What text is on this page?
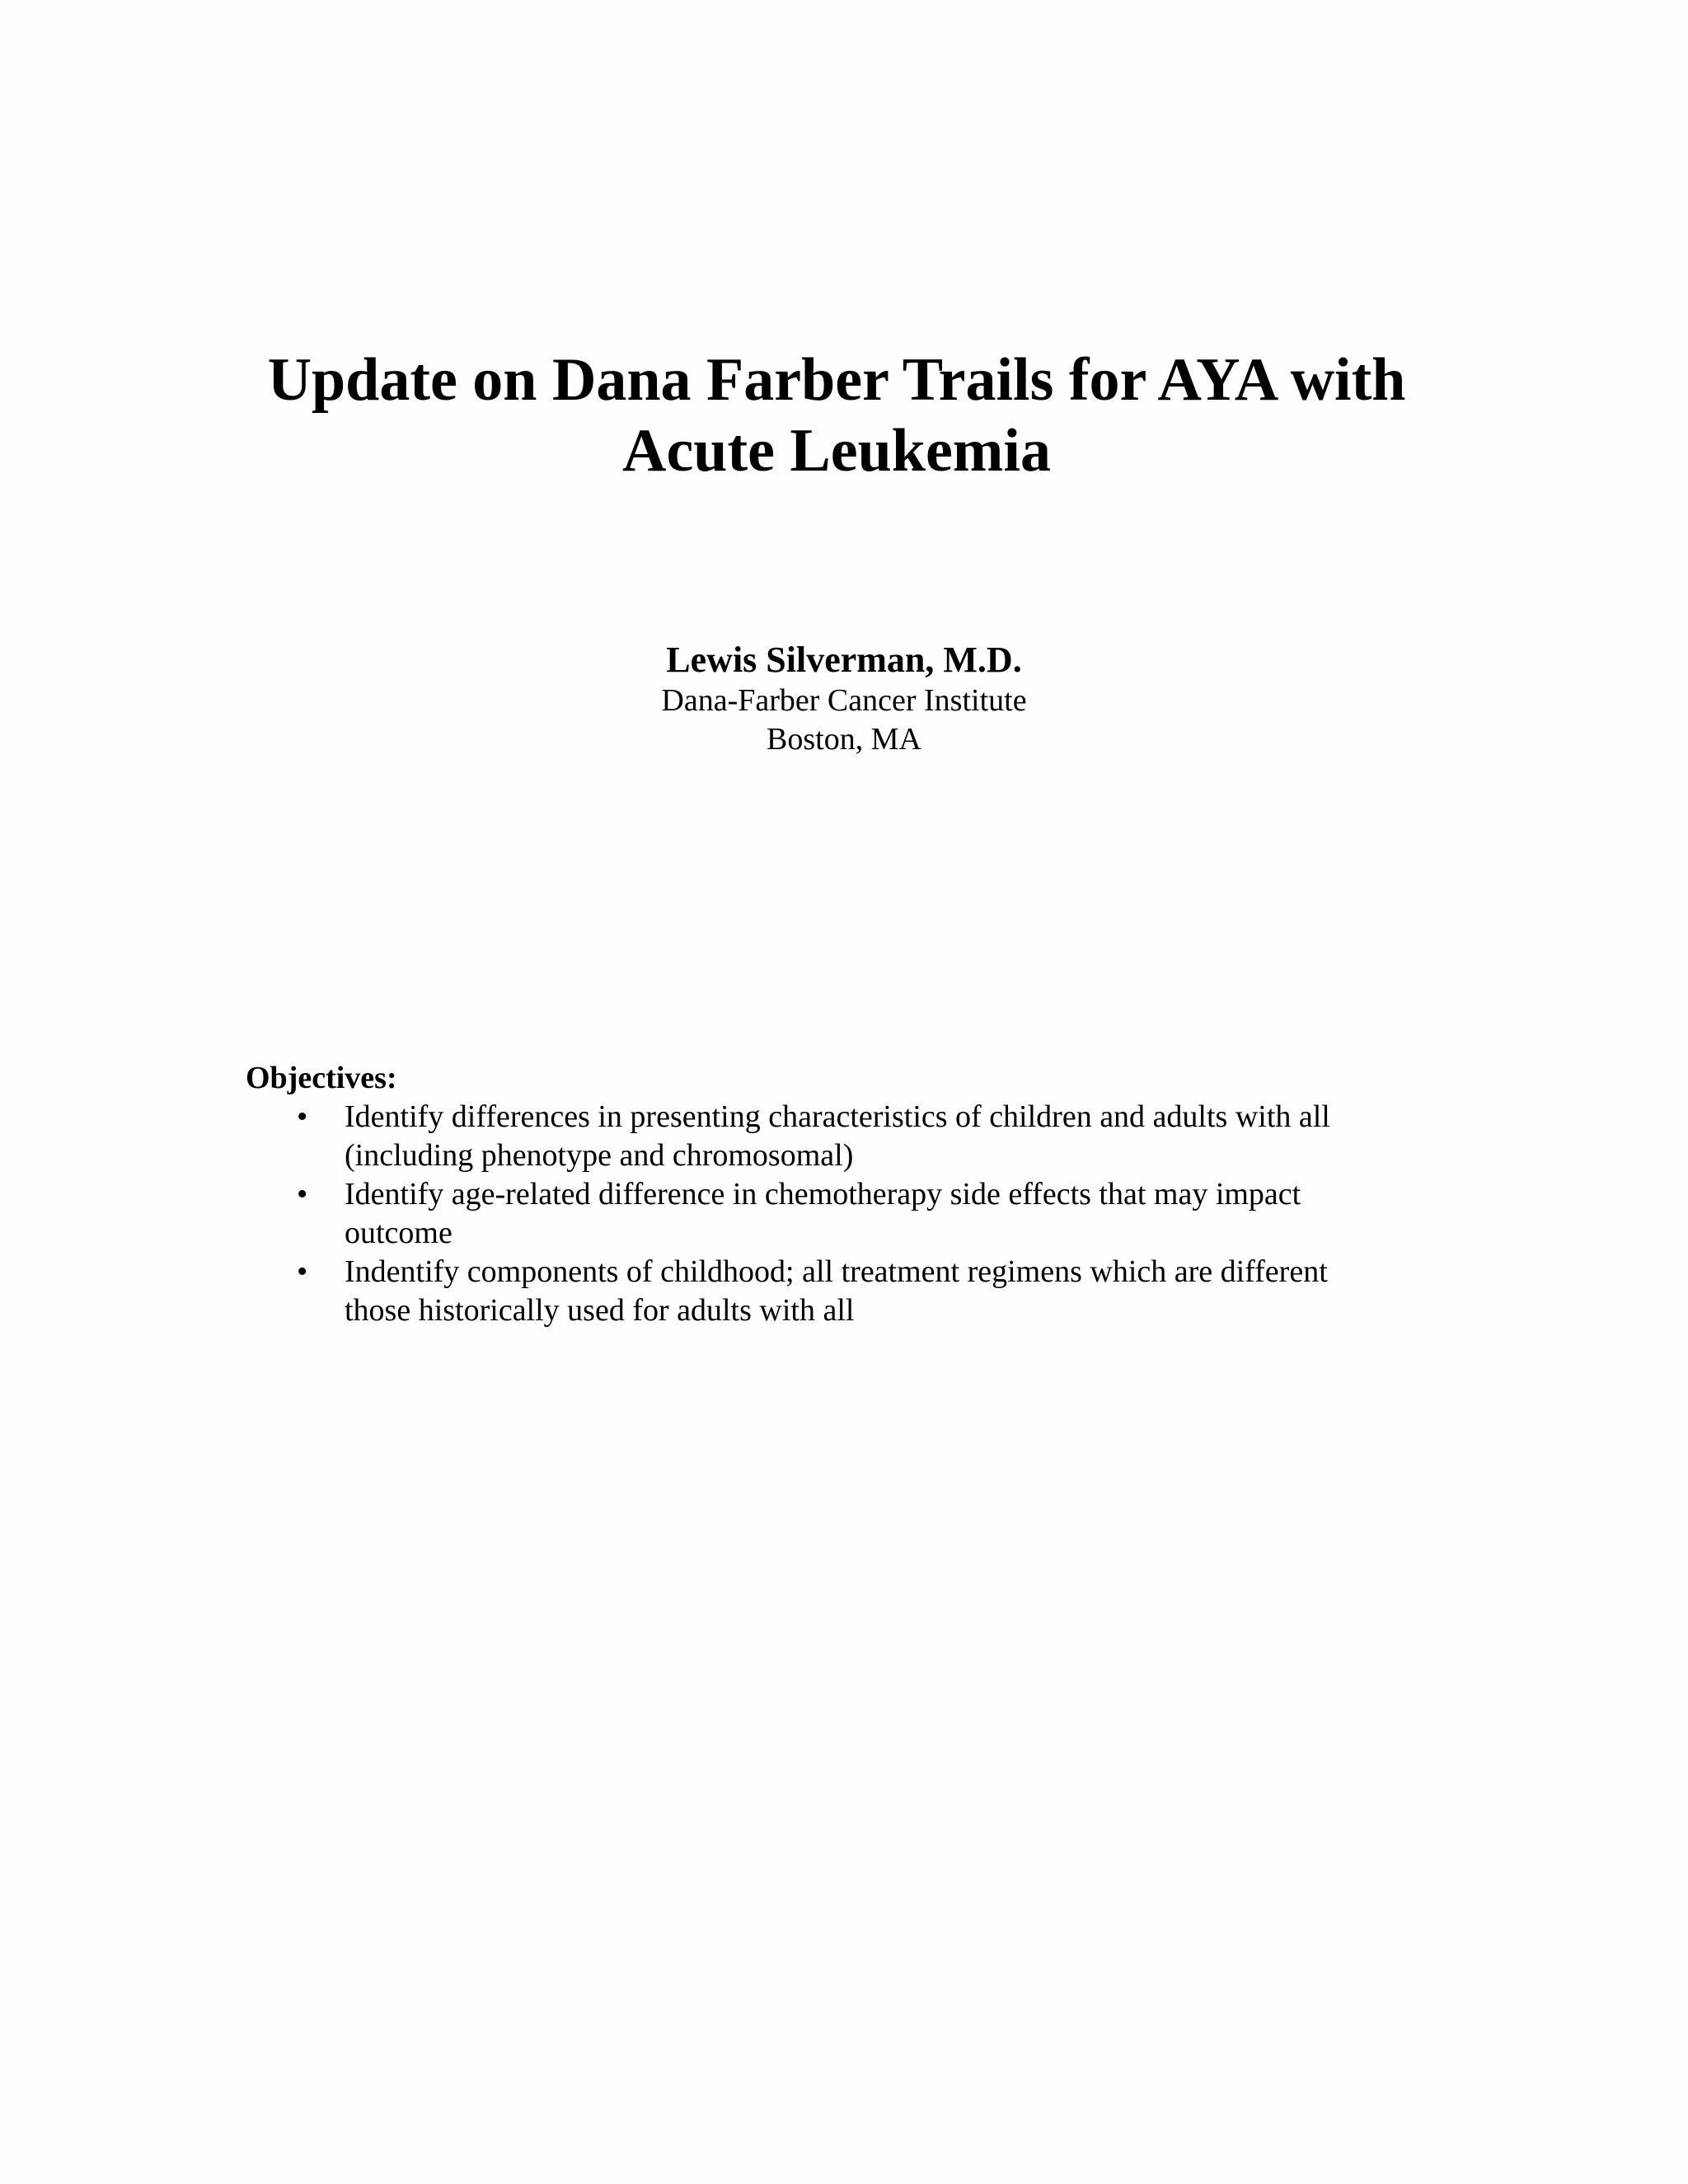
Update on Dana Farber Trails for AYA with
Acute Leukemia
Lewis Silverman, M.D.
Dana-Farber Cancer Institute
Boston, MA

Objectives:

• Identify differences in presenting characteristics of children and adults with all (including phenotype and chromosomal)
• Identify age-related difference in chemotherapy side effects that may impact outcome
• Indentify components of childhood; all treatment regimens which are different those historically used for adults with all
